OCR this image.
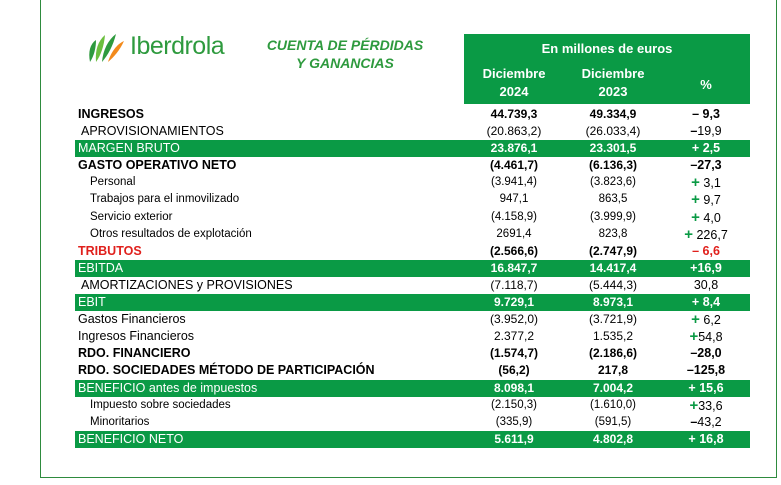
Iberdrola	CUENTA DE PÉRDIDAS
Y GANANCIAS
En millones de euros
Diciembre
2024
Diciembre
2023	%
INGRESOS	44.739,3	49.334,9	– 9,3
APROVISIONAMIENTOS	(20.863,2)	(26.033,4)	–19,9
MARGEN BRUTO	23.876,1	23.301,5	+ 2,5
GASTO OPERATIVO NETO	(4.461,7)	(6.136,3)	–27,3
Personal	(3.941,4)	(3.823,6)	+ 3,1
Trabajos para el inmovilizado	947,1	863,5	+ 9,7
Servicio exterior	(4.158,9)	(3.999,9)	+ 4,0
Otros resultados de explotación	2691,4	823,8	+ 226,7
TRIBUTOS	(2.566,6)	(2.747,9)	– 6,6
EBITDA	16.847,7	14.417,4	+16,9
AMORTIZACIONES y PROVISIONES	(7.118,7)	(5.444,3)	30,8
EBIT	9.729,1	8.973,1	+ 8,4
Gastos Financieros	(3.952,0)	(3.721,9)	+ 6,2
Ingresos Financieros	2.377,2	1.535,2	+54,8
RDO. FINANCIERO	(1.574,7)	(2.186,6)	–28,0
RDO. SOCIEDADES MÉTODO DE PARTICIPACIÓN	(56,2)	217,8	–125,8
BENEFICIO antes de impuestos	8.098,1	7.004,2	+ 15,6
Impuesto sobre sociedades	(2.150,3)	(1.610,0)	+33,6
Minoritarios	(335,9)	(591,5)	–43,2
BENEFICIO NETO	5.611,9	4.802,8	+ 16,8
